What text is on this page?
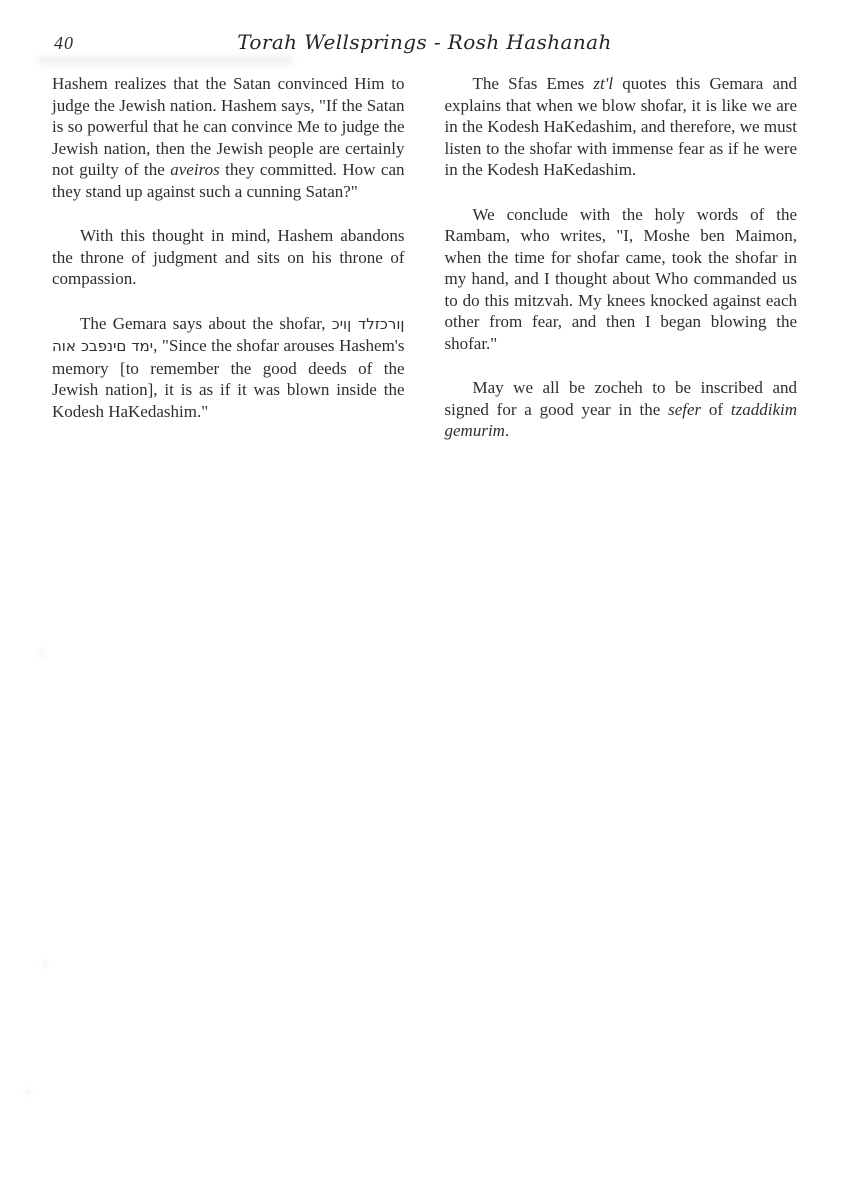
40	Torah Wellsprings - Rosh Hashanah

Hashem realizes that the Satan convinced Him to judge the Jewish nation. Hashem says, "If the Satan is so powerful that he can convince Me to judge the Jewish nation, then the Jewish people are certainly not guilty of the aveiros they committed. How can they stand up against such a cunning Satan?"

With this thought in mind, Hashem abandons the throne of judgment and sits on his throne of compassion.

The Gemara says about the shofar, כיון דלזכרון הוא כבפנים דמי, "Since the shofar arouses Hashem's memory [to remember the good deeds of the Jewish nation], it is as if it was blown inside the Kodesh HaKedashim."

The Sfas Emes zt'l quotes this Gemara and explains that when we blow shofar, it is like we are in the Kodesh HaKedashim, and therefore, we must listen to the shofar with immense fear as if he were in the Kodesh HaKedashim.

We conclude with the holy words of the Rambam, who writes, "I, Moshe ben Maimon, when the time for shofar came, took the shofar in my hand, and I thought about Who commanded us to do this mitzvah. My knees knocked against each other from fear, and then I began blowing the shofar."

May we all be zocheh to be inscribed and signed for a good year in the sefer of tzaddikim gemurim.
